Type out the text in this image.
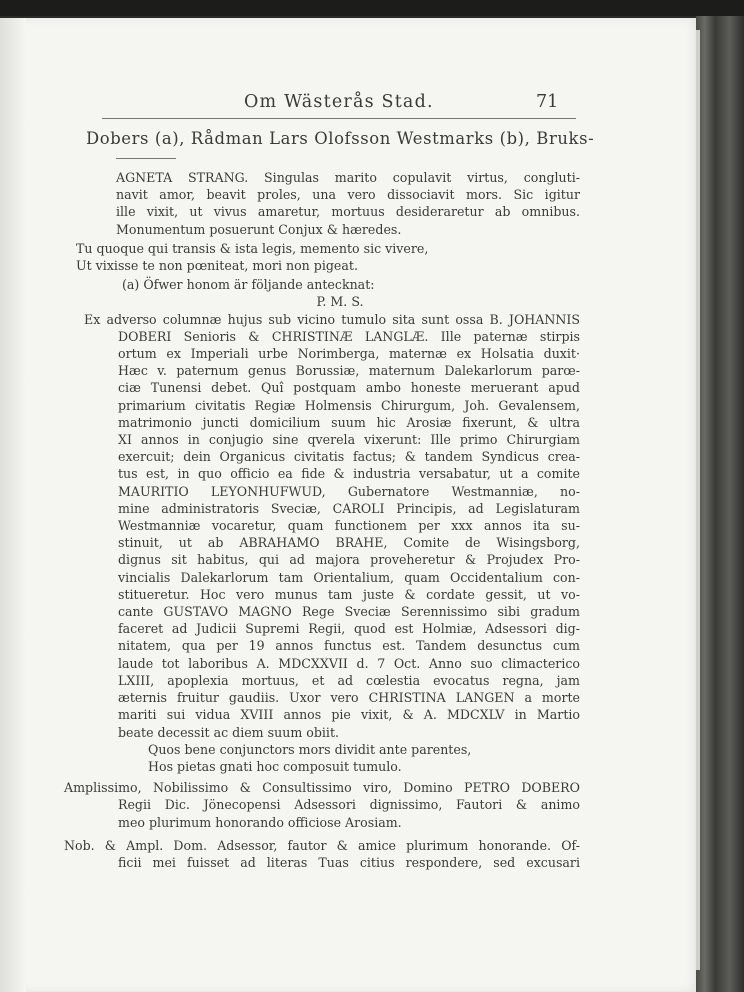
Om Wästerås Stad.	71
Dobers (a), Rådman Lars Olofsson Westmarks (b), Bruks-
AGNETA STRANG. Singulas marito copulavit virtus, congluti-
navit amor, beavit proles, una vero dissociavit mors. Sic igitur
ille vixit, ut vivus amaretur, mortuus desideraretur ab omnibus.
Monumentum posuerunt Conjux & hæredes.
Tu quoque qui transis & ista legis, memento sic vivere,
Ut vixisse te non pœniteat, mori non pigeat.
(a) Öfwer honom är följande antecknat:
P. M. S.
Ex adverso columnæ hujus sub vicino tumulo sita sunt ossa B. JOHANNIS
DOBERI Senioris & CHRISTINÆ LANGLÆ. Ille paternæ stirpis
ortum ex Imperiali urbe Norimberga, maternæ ex Holsatia duxit·
Hæc v. paternum genus Borussiæ, maternum Dalekarlorum parœ-
ciæ Tunensi debet. Quî postquam ambo honeste meruerant apud
primarium civitatis Regiæ Holmensis Chirurgum, Joh. Gevalensem,
matrimonio juncti domicilium suum hic Arosiæ fixerunt, & ultra
XI annos in conjugio sine qverela vixerunt: Ille primo Chirurgiam
exercuit; dein Organicus civitatis factus; & tandem Syndicus crea-
tus est, in quo officio ea fide & industria versabatur, ut a comite
MAURITIO LEYONHUFWUD, Gubernatore Westmanniæ, no-
mine administratoris Sveciæ, CAROLI Principis, ad Legislaturam
Westmanniæ vocaretur, quam functionem per xxx annos ita su-
stinuit, ut ab ABRAHAMO BRAHE, Comite de Wisingsborg,
dignus sit habitus, qui ad majora proveheretur & Projudex Pro-
vincialis Dalekarlorum tam Orientalium, quam Occidentalium con-
stitueretur. Hoc vero munus tam juste & cordate gessit, ut vo-
cante GUSTAVO MAGNO Rege Sveciæ Serennissimo sibi gradum
faceret ad Judicii Supremi Regii, quod est Holmiæ, Adsessori dig-
nitatem, qua per 19 annos functus est. Tandem desunctus cum
laude tot laboribus A. MDCXXVII d. 7 Oct. Anno suo climacterico
LXIII, apoplexia mortuus, et ad cœlestia evocatus regna, jam
æternis fruitur gaudiis. Uxor vero CHRISTINA LANGEN a morte
mariti sui vidua XVIII annos pie vixit, & A. MDCXLV in Martio
beate decessit ac diem suum obiit.
Quos bene conjunctors mors dividit ante parentes,
Hos pietas gnati hoc composuit tumulo.
Amplissimo, Nobilissimo & Consultissimo viro, Domino PETRO DOBERO
Regii Dic. Jönecopensi Adsessori dignissimo, Fautori & animo
meo plurimum honorando officiose Arosiam.
Nob. & Ampl. Dom. Adsessor, fautor & amice plurimum honorande. Of-
ficii mei fuisset ad literas Tuas citius respondere, sed excusari
